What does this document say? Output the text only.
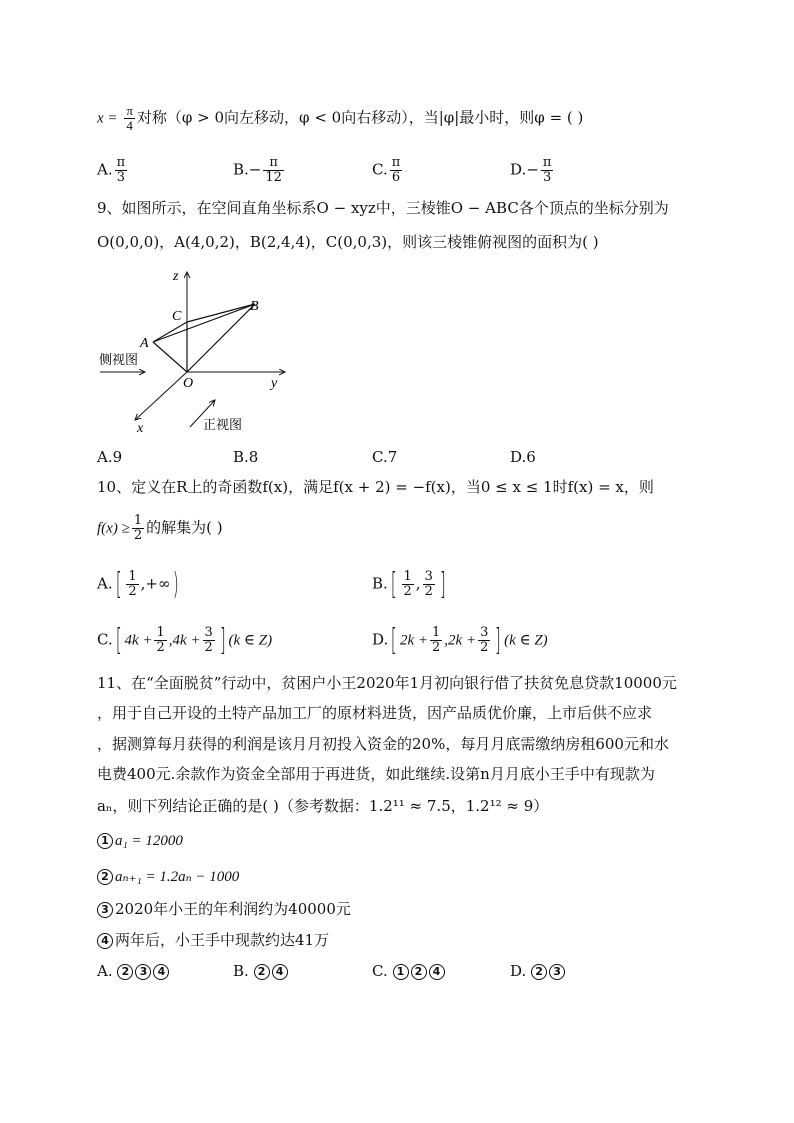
$x = \frac{\pi}{4}$ 对称（φ > 0向左移动，φ < 0向右移动），当|φ|最小时，则φ = ( )
A. $\frac{\pi}{3}$	$B.- \frac{\pi}{12}$	C. $\frac{\pi}{6}$	$D.- \frac{\pi}{3}$
9、如图所示，在空间直角坐标系O − xyz中，三棱锥O − ABC各个顶点的坐标分别为
O(0,0,0)，A(4,0,2)，B(2,4,4)，C(0,0,3)，则该三棱锥俯视图的面积为( )
z
y
x
O
A
B
C
侧视图
正视图
A.9	B.8	C.7	D.6
10、定义在R上的奇函数f(x)，满足f(x + 2) = −f(x)，当0 ≤ x ≤ 1时f(x) = x，则
$f(x) \ge \frac{1}{2}$ 的解集为( )
$A.[ \frac{1}{2}$ ,+∞)	$B.[ \frac{1}{2}$ , $\frac{3}{2}$ ]
C.[ $4k + \frac{1}{2} ,4k + \frac{3}{2}$ ] (k ∈ Z)	D.[ $2k + \frac{1}{2} ,2k + \frac{3}{2}$ ] (k ∈ Z)
11、在“全面脱贫”行动中，贫困户小王2020年1月初向银行借了扶贫免息贷款10000元
，用于自己开设的土特产品加工厂的原材料进货，因产品质优价廉，上市后供不应求
，据测算每月获得的利润是该月月初投入资金的20%，每月月底需缴纳房租600元和水
电费400元.余款作为资金全部用于再进货，如此继续.设第n月月底小王手中有现款为
aₙ，则下列结论正确的是( )（参考数据：1.2¹¹ ≈ 7.5，1.2¹² ≈ 9）
1 a₁ = 12000
2 aₙ₊₁ = 1.2aₙ − 1000
3 2020年小王的年利润约为40000元
4 两年后，小王手中现款约达41万
A. 2 3 4	B. 2 4	C. 1 2 4	D. 2 3
